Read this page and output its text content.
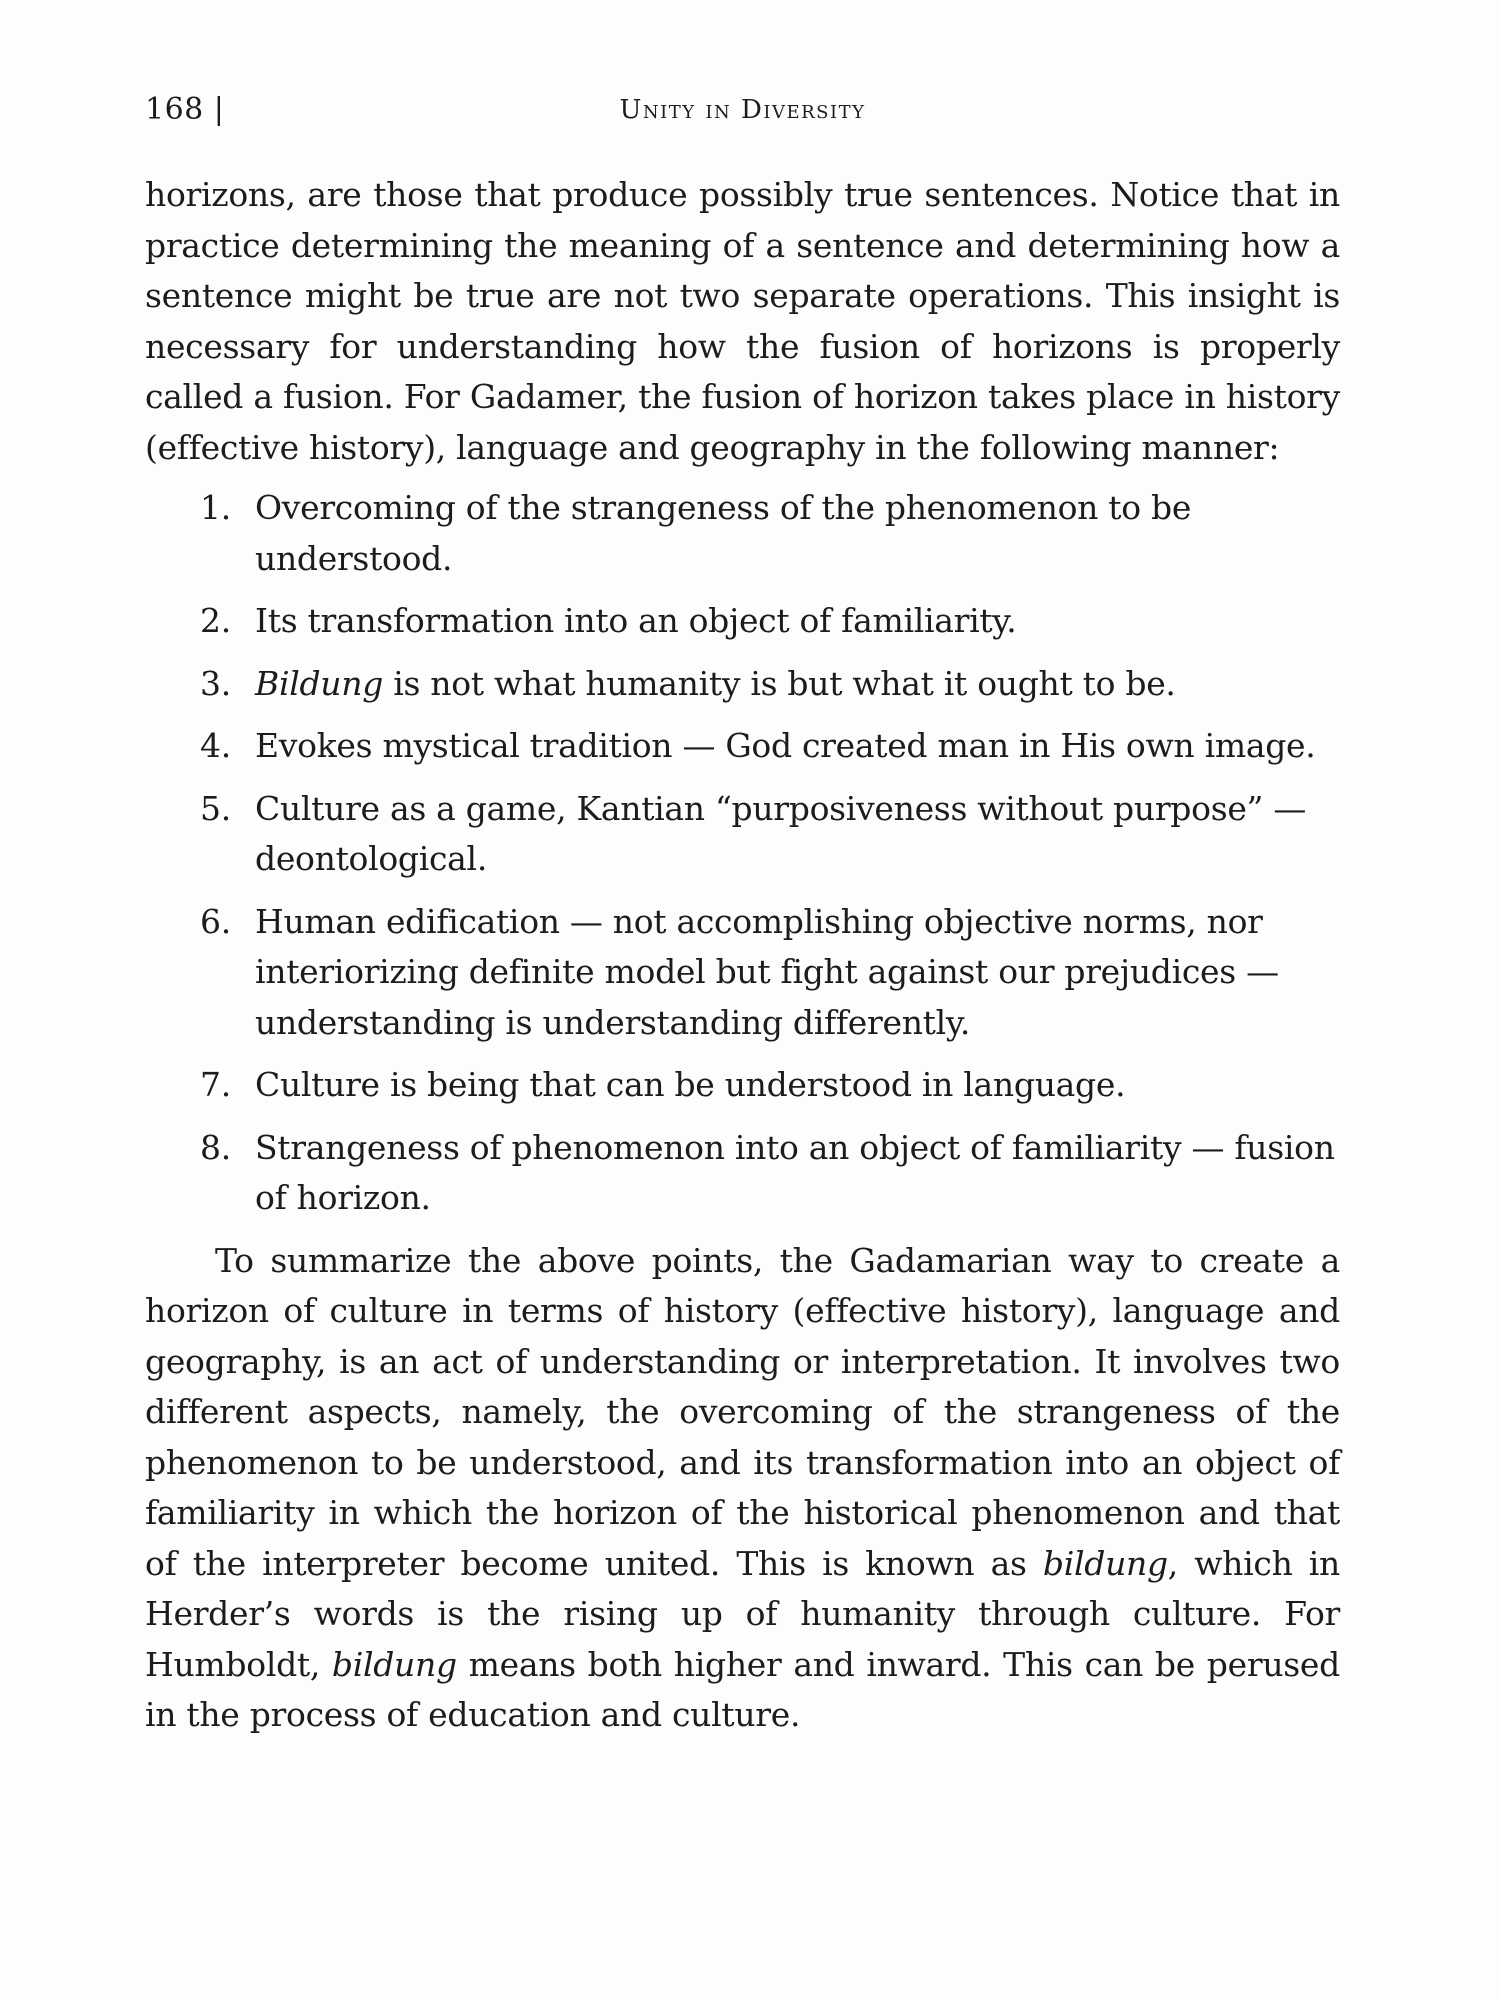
168 |	Unity in Diversity

horizons, are those that produce possibly true sentences. Notice that in practice determining the meaning of a sentence and determining how a sentence might be true are not two separate operations. This insight is necessary for understanding how the fusion of horizons is properly called a fusion. For Gadamer, the fusion of horizon takes place in history (effective history), language and geography in the following manner:

1. Overcoming of the strangeness of the phenomenon to be understood.
2. Its transformation into an object of familiarity.
3. Bildung is not what humanity is but what it ought to be.
4. Evokes mystical tradition — God created man in His own image.
5. Culture as a game, Kantian “purposiveness without purpose” — deontological.
6. Human edification — not accomplishing objective norms, nor interiorizing definite model but fight against our prejudices — understanding is understanding differently.
7. Culture is being that can be understood in language.
8. Strangeness of phenomenon into an object of familiarity — fusion of horizon.

To summarize the above points, the Gadamarian way to create a horizon of culture in terms of history (effective history), language and geography, is an act of understanding or interpretation. It involves two different aspects, namely, the overcoming of the strangeness of the phenomenon to be understood, and its transformation into an object of familiarity in which the horizon of the historical phenomenon and that of the interpreter become united. This is known as bildung, which in Herder’s words is the rising up of humanity through culture. For Humboldt, bildung means both higher and inward. This can be perused in the process of education and culture.
